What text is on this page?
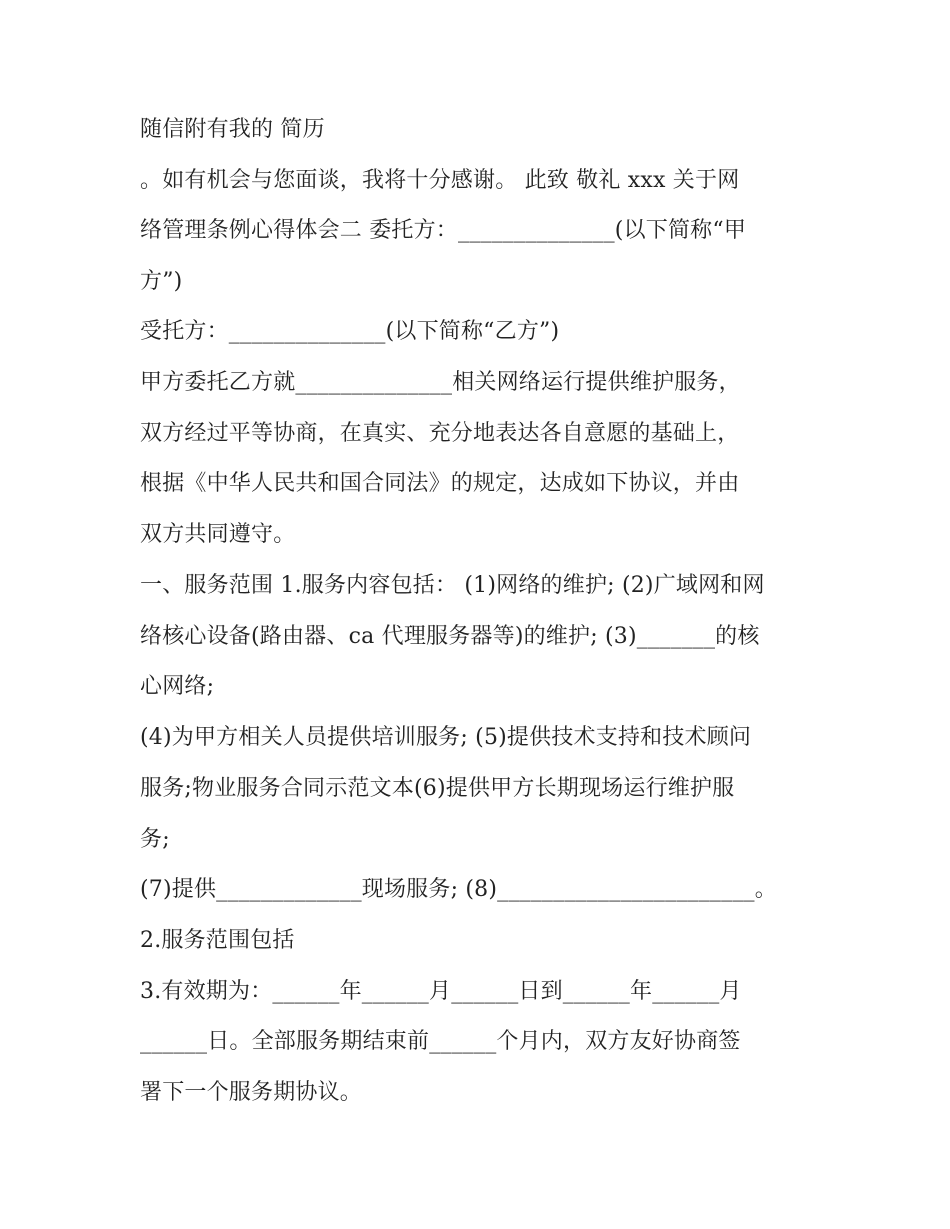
随信附有我的 简历
。如有机会与您面谈，我将十分感谢。 此致 敬礼 xxx 关于网
络管理条例心得体会二 委托方：______________(以下简称“甲
方”)
受托方：______________(以下简称“乙方”)
甲方委托乙方就______________相关网络运行提供维护服务，
双方经过平等协商，在真实、充分地表达各自意愿的基础上，
根据《中华人民共和国合同法》的规定，达成如下协议，并由
双方共同遵守。
一、服务范围 1.服务内容包括： (1)网络的维护; (2)广域网和网
络核心设备(路由器、ca 代理服务器等)的维护; (3)_______的核
心网络;
(4)为甲方相关人员提供培训服务; (5)提供技术支持和技术顾问
服务;物业服务合同示范文本(6)提供甲方长期现场运行维护服
务;
(7)提供_____________现场服务; (8)_______________________。
2.服务范围包括
3.有效期为：______年______月______日到______年______月
______日。全部服务期结束前______个月内，双方友好协商签
署下一个服务期协议。
